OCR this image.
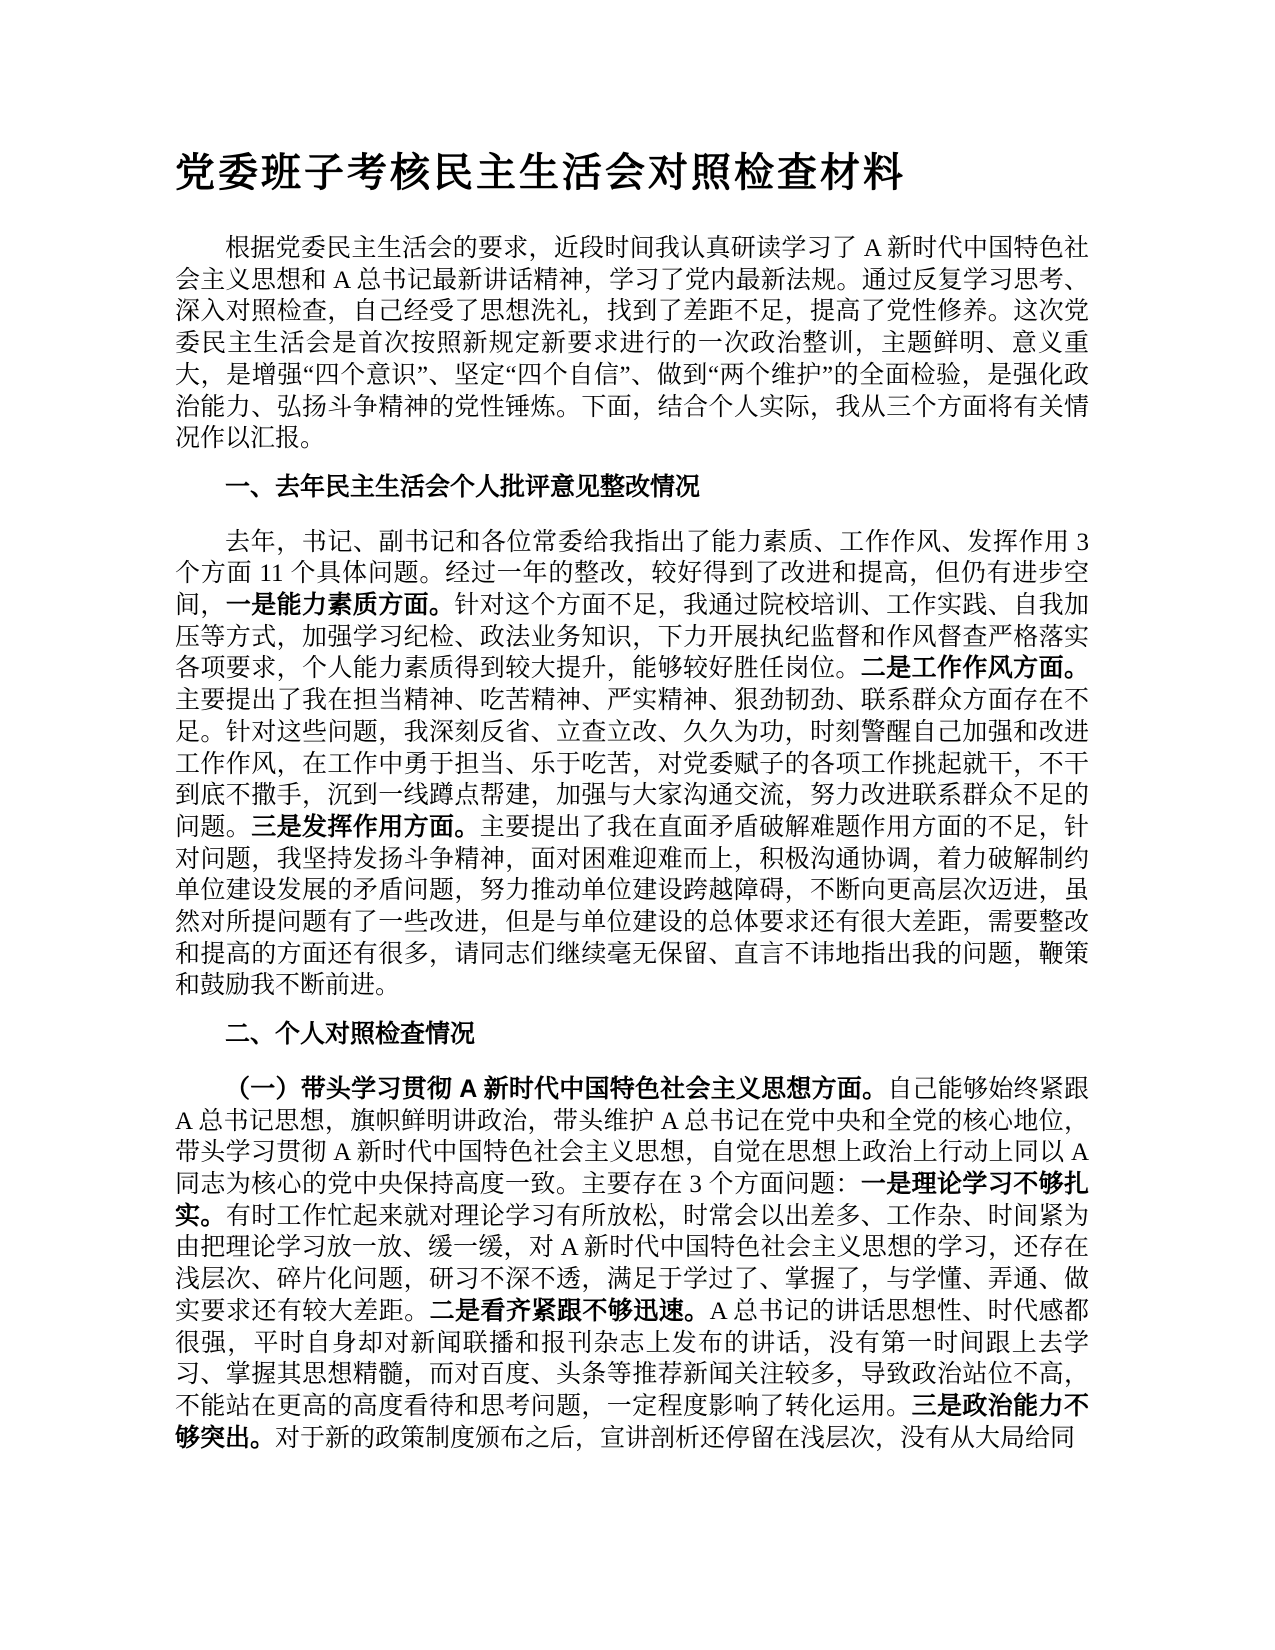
党委班子考核民主生活会对照检查材料

根据党委民主生活会的要求，近段时间我认真研读学习了 A 新时代中国特色社会主义思想和 A 总书记最新讲话精神，学习了党内最新法规。通过反复学习思考、深入对照检查，自己经受了思想洗礼，找到了差距不足，提高了党性修养。这次党委民主生活会是首次按照新规定新要求进行的一次政治整训，主题鲜明、意义重大，是增强“四个意识”、坚定“四个自信”、做到“两个维护”的全面检验，是强化政治能力、弘扬斗争精神的党性锤炼。下面，结合个人实际，我从三个方面将有关情况作以汇报。

一、去年民主生活会个人批评意见整改情况

去年，书记、副书记和各位常委给我指出了能力素质、工作作风、发挥作用 3 个方面 11 个具体问题。经过一年的整改，较好得到了改进和提高，但仍有进步空间，一是能力素质方面。针对这个方面不足，我通过院校培训、工作实践、自我加压等方式，加强学习纪检、政法业务知识，下力开展执纪监督和作风督查严格落实各项要求，个人能力素质得到较大提升，能够较好胜任岗位。二是工作作风方面。主要提出了我在担当精神、吃苦精神、严实精神、狠劲韧劲、联系群众方面存在不足。针对这些问题，我深刻反省、立查立改、久久为功，时刻警醒自己加强和改进工作作风，在工作中勇于担当、乐于吃苦，对党委赋子的各项工作挑起就干，不干到底不撒手，沉到一线蹲点帮建，加强与大家沟通交流，努力改进联系群众不足的问题。三是发挥作用方面。主要提出了我在直面矛盾破解难题作用方面的不足，针对问题，我坚持发扬斗争精神，面对困难迎难而上，积极沟通协调，着力破解制约单位建设发展的矛盾问题，努力推动单位建设跨越障碍，不断向更高层次迈进，虽然对所提问题有了一些改进，但是与单位建设的总体要求还有很大差距，需要整改和提高的方面还有很多，请同志们继续毫无保留、直言不讳地指出我的问题，鞭策和鼓励我不断前进。

二、个人对照检查情况

（一）带头学习贯彻 A 新时代中国特色社会主义思想方面。自己能够始终紧跟 A 总书记思想，旗帜鲜明讲政治，带头维护 A 总书记在党中央和全党的核心地位，带头学习贯彻 A 新时代中国特色社会主义思想，自觉在思想上政治上行动上同以 A 同志为核心的党中央保持高度一致。主要存在 3 个方面问题：一是理论学习不够扎实。有时工作忙起来就对理论学习有所放松，时常会以出差多、工作杂、时间紧为由把理论学习放一放、缓一缓，对 A 新时代中国特色社会主义思想的学习，还存在浅层次、碎片化问题，研习不深不透，满足于学过了、掌握了，与学懂、弄通、做实要求还有较大差距。二是看齐紧跟不够迅速。A 总书记的讲话思想性、时代感都很强，平时自身却对新闻联播和报刊杂志上发布的讲话，没有第一时间跟上去学习、掌握其思想精髓，而对百度、头条等推荐新闻关注较多，导致政治站位不高，不能站在更高的高度看待和思考问题，一定程度影响了转化运用。三是政治能力不够突出。对于新的政策制度颁布之后，宣讲剖析还停留在浅层次，没有从大局给同
